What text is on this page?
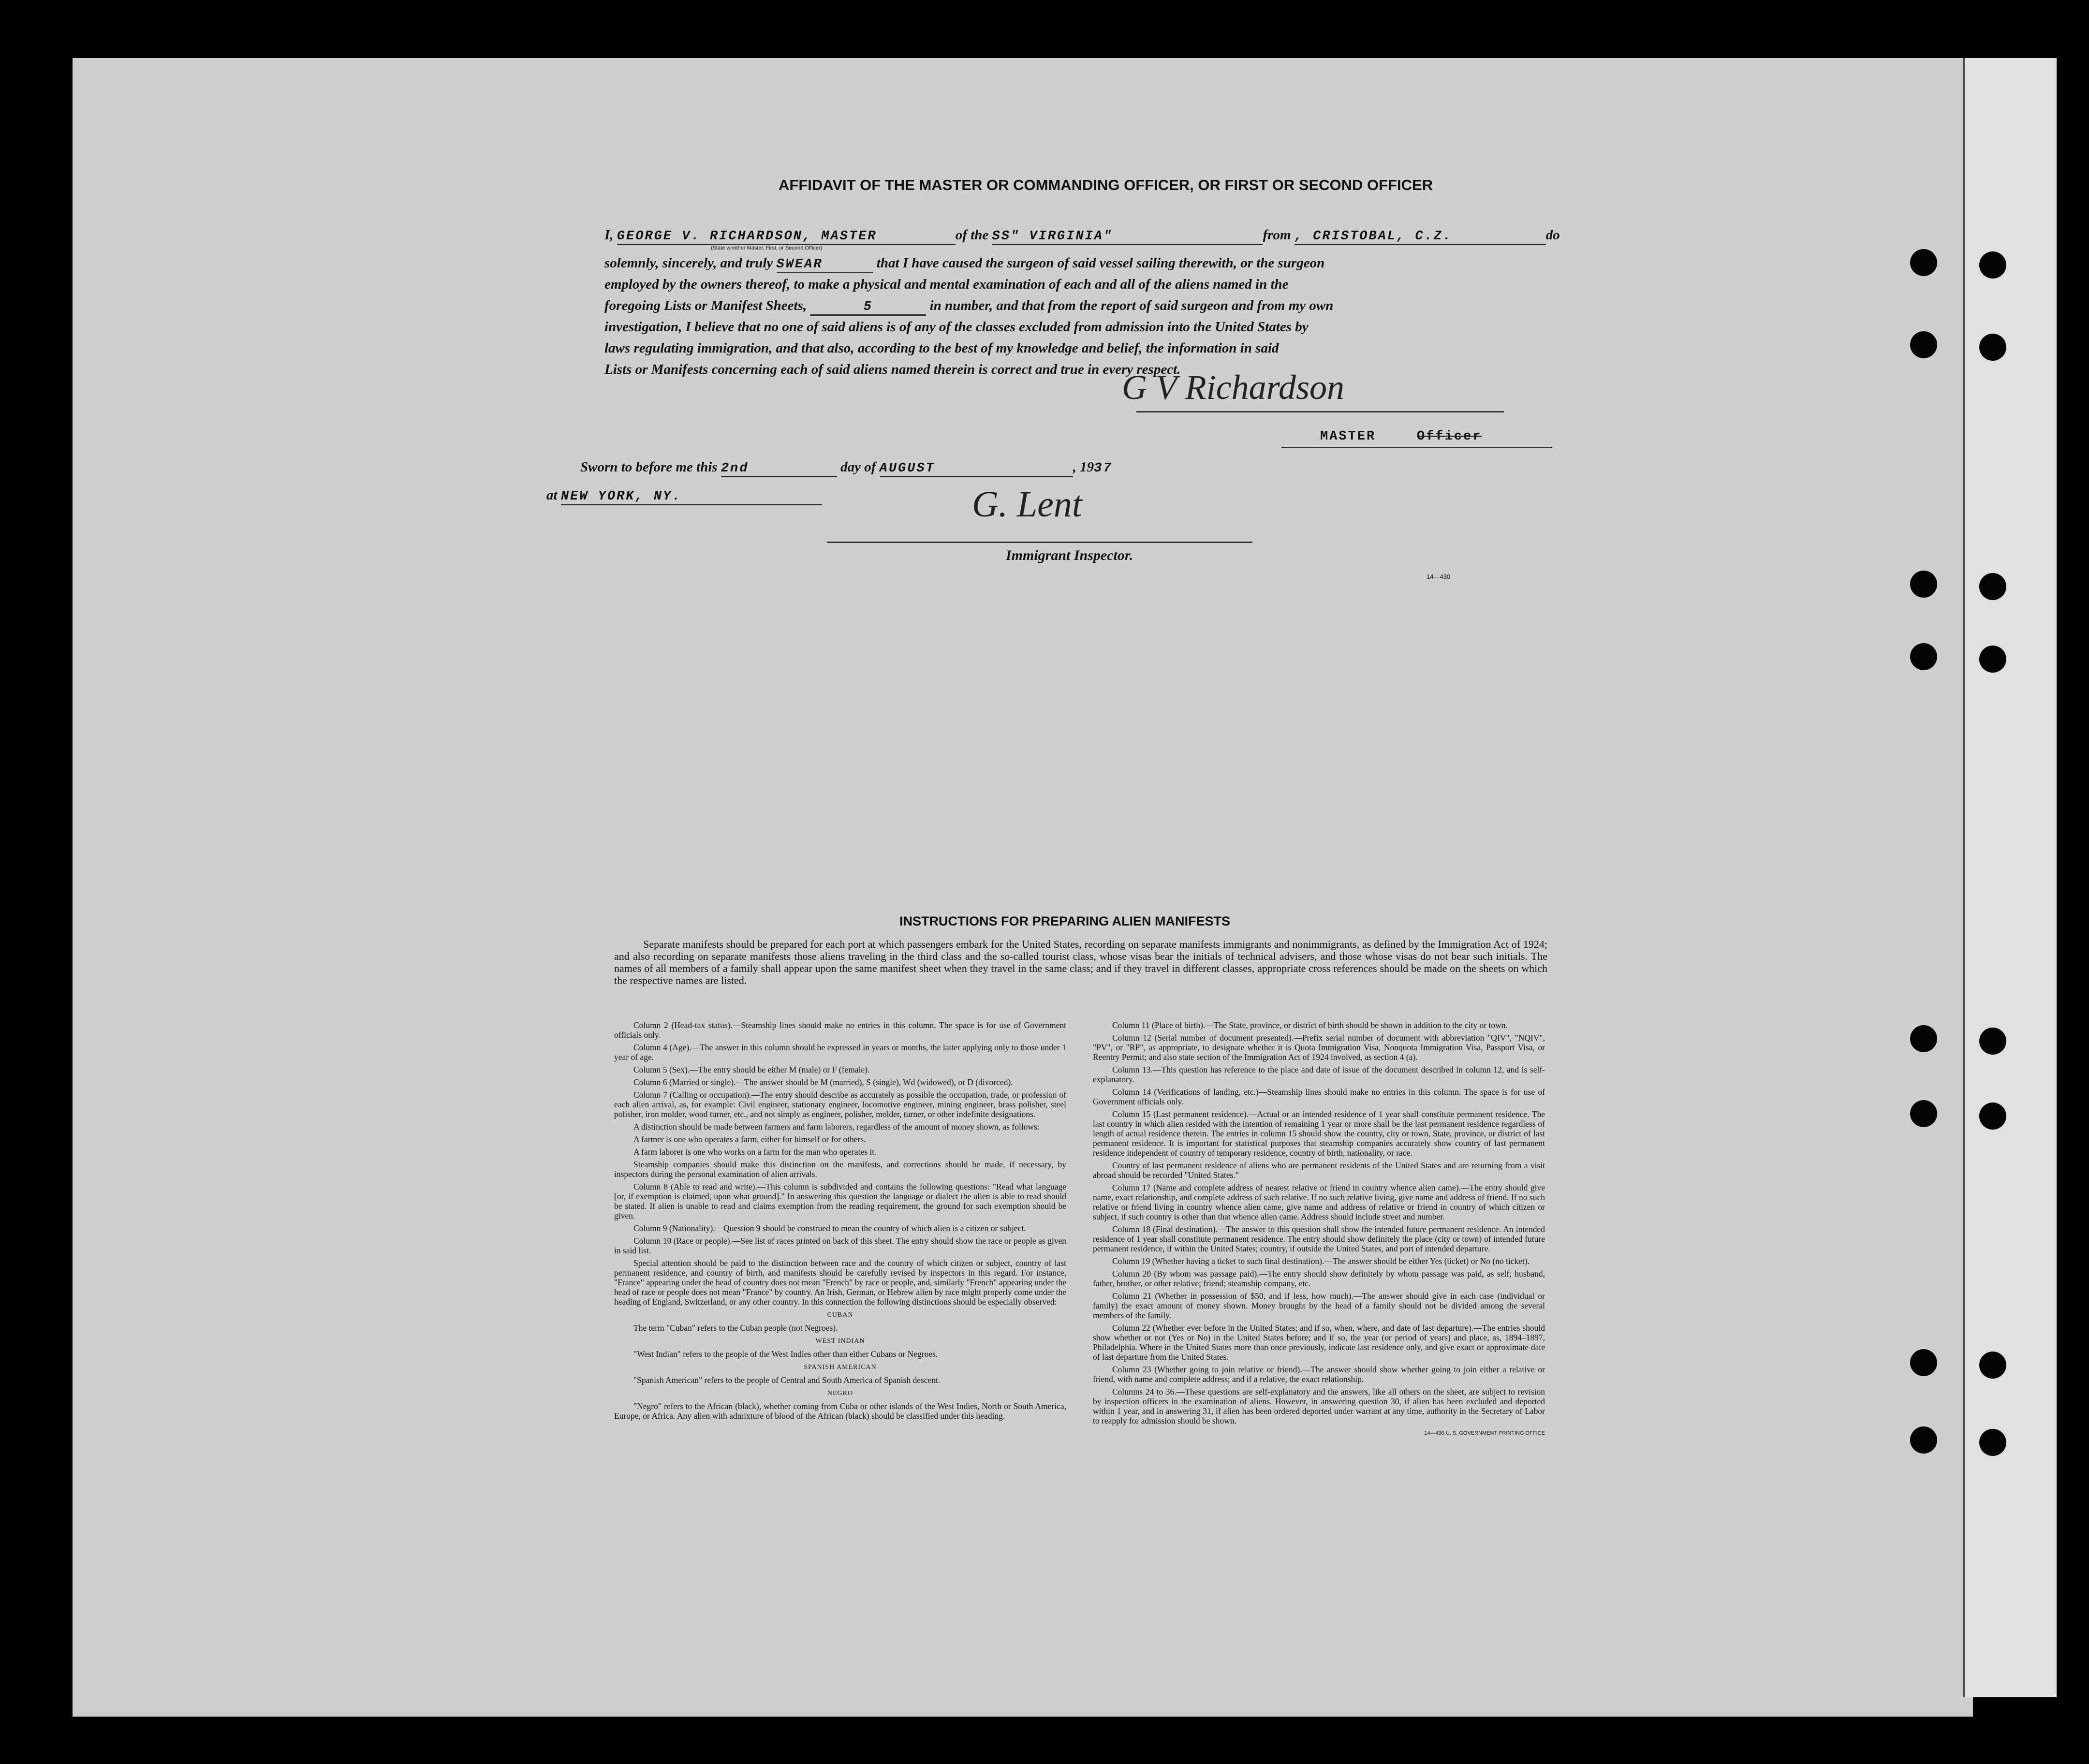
AFFIDAVIT OF THE MASTER OR COMMANDING OFFICER, OR FIRST OR SECOND OFFICER
I, GEORGE V. RICHARDSON, MASTER	of the SS" VIRGINIA"	from , CRISTOBAL, C.Z.	do
(State whether Master, First, or Second Officer)
solemnly, sincerely, and truly SWEAR	that I have caused the surgeon of said vessel sailing therewith, or the surgeon
employed by the owners thereof, to make a physical and mental examination of each and all of the aliens named in the
foregoing Lists or Manifest Sheets,	5	in number, and that from the report of said surgeon and from my own
investigation, I believe that no one of said aliens is of any of the classes excluded from admission into the United States by
laws regulating immigration, and that also, according to the best of my knowledge and belief, the information in said
Lists or Manifests concerning each of said aliens named therein is correct and true in every respect.
G V Richardson
MASTER	Officer
Sworn to before me this 2nd	day of AUGUST	, 1937
at NEW YORK, NY.	G. Lent
Immigrant Inspector.
14—430
INSTRUCTIONS FOR PREPARING ALIEN MANIFESTS
Separate manifests should be prepared for each port at which passengers embark for the United States, recording on separate manifests immigrants and nonimmigrants, as defined by the Immigration Act of 1924; and also recording on separate manifests those aliens traveling in the third class and the so-called tourist class, whose visas bear the initials of technical advisers, and those whose visas do not bear such initials. The names of all members of a family shall appear upon the same manifest sheet when they travel in the same class; and if they travel in different classes, appropriate cross references should be made on the sheets on which the respective names are listed.

Column 2 (Head-tax status).—Steamship lines should make no entries in this column. The space is for use of Government officials only.

Column 4 (Age).—The answer in this column should be expressed in years or months, the latter applying only to those under 1 year of age.

Column 5 (Sex).—The entry should be either M (male) or F (female).

Column 6 (Married or single).—The answer should be M (married), S (single), Wd (widowed), or D (divorced).

Column 7 (Calling or occupation).—The entry should describe as accurately as possible the occupation, trade, or profession of each alien arrival, as, for example: Civil engineer, stationary engineer, locomotive engineer, mining engineer, brass polisher, steel polisher, iron molder, wood turner, etc., and not simply as engineer, polisher, molder, turner, or other indefinite designations.

A distinction should be made between farmers and farm laborers, regardless of the amount of money shown, as follows:

A farmer is one who operates a farm, either for himself or for others.

A farm laborer is one who works on a farm for the man who operates it.

Steamship companies should make this distinction on the manifests, and corrections should be made, if necessary, by inspectors during the personal examination of alien arrivals.

Column 8 (Able to read and write).—This column is subdivided and contains the following questions: "Read what language [or, if exemption is claimed, upon what ground]." In answering this question the language or dialect the alien is able to read should be stated. If alien is unable to read and claims exemption from the reading requirement, the ground for such exemption should be given.

Column 9 (Nationality).—Question 9 should be construed to mean the country of which alien is a citizen or subject.

Column 10 (Race or people).—See list of races printed on back of this sheet. The entry should show the race or people as given in said list.

Special attention should be paid to the distinction between race and the country of which citizen or subject, country of last permanent residence, and country of birth, and manifests should be carefully revised by inspectors in this regard. For instance, "France" appearing under the head of country does not mean "French" by race or people, and, similarly "French" appearing under the head of race or people does not mean "France" by country. An Irish, German, or Hebrew alien by race might properly come under the heading of England, Switzerland, or any other country. In this connection the following distinctions should be especially observed:

CUBAN

The term "Cuban" refers to the Cuban people (not Negroes).

WEST INDIAN

"West Indian" refers to the people of the West Indies other than either Cubans or Negroes.

SPANISH AMERICAN

"Spanish American" refers to the people of Central and South America of Spanish descent.

NEGRO

"Negro" refers to the African (black), whether coming from Cuba or other islands of the West Indies, North or South America, Europe, or Africa. Any alien with admixture of blood of the African (black) should be classified under this heading.

Column 11 (Place of birth).—The State, province, or district of birth should be shown in addition to the city or town.

Column 12 (Serial number of document presented).—Prefix serial number of document with abbreviation "QIV", "NQIV", "PV", or "RP", as appropriate, to designate whether it is Quota Immigration Visa, Nonquota Immigration Visa, Passport Visa, or Reentry Permit; and also state section of the Immigration Act of 1924 involved, as section 4 (a).

Column 13.—This question has reference to the place and date of issue of the document described in column 12, and is self-explanatory.

Column 14 (Verifications of landing, etc.)—Steamship lines should make no entries in this column. The space is for use of Government officials only.

Column 15 (Last permanent residence).—Actual or an intended residence of 1 year shall constitute permanent residence. The last country in which alien resided with the intention of remaining 1 year or more shall be the last permanent residence regardless of length of actual residence therein. The entries in column 15 should show the country, city or town, State, province, or district of last permanent residence. It is important for statistical purposes that steamship companies accurately show country of last permanent residence independent of country of temporary residence, country of birth, nationality, or race.

Country of last permanent residence of aliens who are permanent residents of the United States and are returning from a visit abroad should be recorded "United States."

Column 17 (Name and complete address of nearest relative or friend in country whence alien came).—The entry should give name, exact relationship, and complete address of such relative. If no such relative living, give name and address of friend. If no such relative or friend living in country whence alien came, give name and address of relative or friend in country of which citizen or subject, if such country is other than that whence alien came. Address should include street and number.

Column 18 (Final destination).—The answer to this question shall show the intended future permanent residence. An intended residence of 1 year shall constitute permanent residence. The entry should show definitely the place (city or town) of intended future permanent residence, if within the United States; country, if outside the United States, and port of intended departure.

Column 19 (Whether having a ticket to such final destination).—The answer should be either Yes (ticket) or No (no ticket).

Column 20 (By whom was passage paid).—The entry should show definitely by whom passage was paid, as self; husband, father, brother, or other relative; friend; steamship company, etc.

Column 21 (Whether in possession of $50, and if less, how much).—The answer should give in each case (individual or family) the exact amount of money shown. Money brought by the head of a family should not be divided among the several members of the family.

Column 22 (Whether ever before in the United States; and if so, when, where, and date of last departure).—The entries should show whether or not (Yes or No) in the United States before; and if so, the year (or period of years) and place, as, 1894–1897, Philadelphia. Where in the United States more than once previously, indicate last residence only, and give exact or approximate date of last departure from the United States.

Column 23 (Whether going to join relative or friend).—The answer should show whether going to join either a relative or friend, with name and complete address; and if a relative, the exact relationship.

Columns 24 to 36.—These questions are self-explanatory and the answers, like all others on the sheet, are subject to revision by inspection officers in the examination of aliens. However, in answering question 30, if alien has been excluded and deported within 1 year, and in answering 31, if alien has been ordered deported under warrant at any time, authority in the Secretary of Labor to reapply for admission should be shown.

14—430 U. S. GOVERNMENT PRINTING OFFICE
